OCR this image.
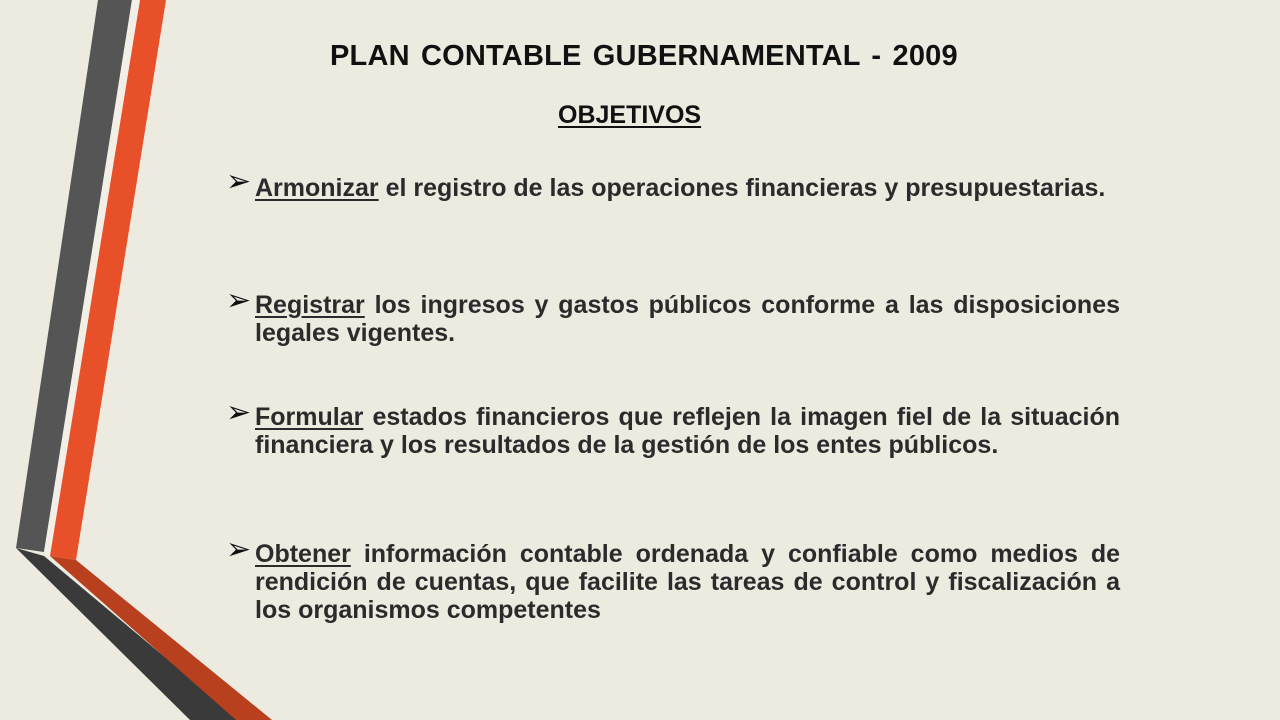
PLAN CONTABLE GUBERNAMENTAL - 2009
OBJETIVOS
➢ Armonizar el registro de las operaciones financieras y presupuestarias.
➢ Registrar los ingresos y gastos públicos conforme a las disposiciones legales vigentes.
➢ Formular estados financieros que reflejen la imagen fiel de la situación financiera y los resultados de la gestión de los entes públicos.
➢ Obtener información contable ordenada y confiable como medios de rendición de cuentas, que facilite las tareas de control y fiscalización a los organismos competentes
